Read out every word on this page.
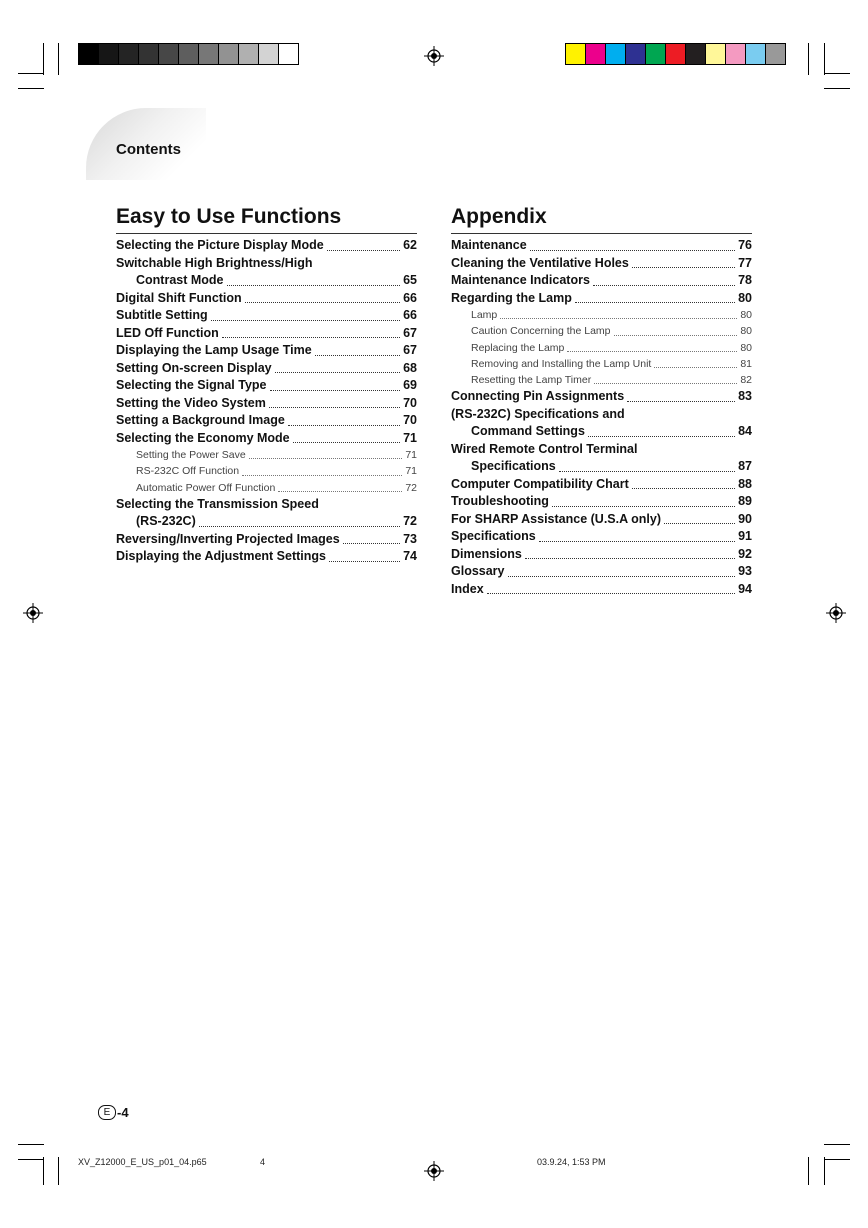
Contents
Easy to Use Functions
Selecting the Picture Display Mode	62
Switchable High Brightness/High
Contrast Mode	65
Digital Shift Function	66
Subtitle Setting	66
LED Off Function	67
Displaying the Lamp Usage Time	67
Setting On-screen Display	68
Selecting the Signal Type	69
Setting the Video System	70
Setting a Background Image	70
Selecting the Economy Mode	71
Setting the Power Save	71
RS-232C Off Function	71
Automatic Power Off Function	72
Selecting the Transmission Speed
(RS-232C)	72
Reversing/Inverting Projected Images	73
Displaying the Adjustment Settings	74
Appendix
Maintenance	76
Cleaning the Ventilative Holes	77
Maintenance Indicators	78
Regarding the Lamp	80
Lamp	80
Caution Concerning the Lamp	80
Replacing the Lamp	80
Removing and Installing the Lamp Unit	81
Resetting the Lamp Timer	82
Connecting Pin Assignments	83
(RS-232C) Specifications and
Command Settings	84
Wired Remote Control Terminal
Specifications	87
Computer Compatibility Chart	88
Troubleshooting	89
For SHARP Assistance (U.S.A only)	90
Specifications	91
Dimensions	92
Glossary	93
Index	94
E -4
XV_Z12000_E_US_p01_04.p65	4	03.9.24, 1:53 PM
